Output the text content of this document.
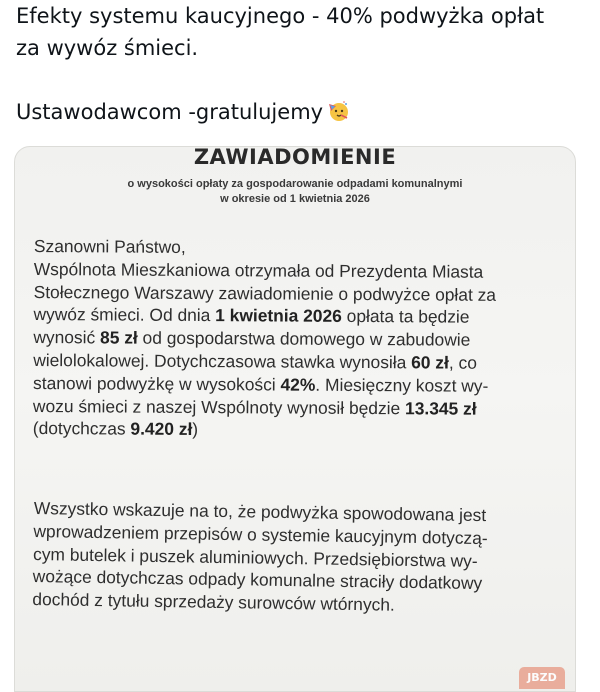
Efekty systemu kaucyjnego - 40% podwyżka opłat
za wywóz śmieci.
Ustawodawcom -gratulujemy
ZAWIADOMIENIE
o wysokości opłaty za gospodarowanie odpadami komunalnymi
w okresie od 1 kwietnia 2026
Szanowni Państwo,
Wspólnota Mieszkaniowa otrzymała od Prezydenta Miasta
Stołecznego Warszawy zawiadomienie o podwyżce opłat za
wywóz śmieci. Od dnia 1 kwietnia 2026 opłata ta będzie
wynosić 85 zł od gospodarstwa domowego w zabudowie
wielolokalowej. Dotychczasowa stawka wynosiła 60 zł, co
stanowi podwyżkę w wysokości 42%. Miesięczny koszt wy-
wozu śmieci z naszej Wspólnoty wynosił będzie 13.345 zł
(dotychczas 9.420 zł)
Wszystko wskazuje na to, że podwyżka spowodowana jest
wprowadzeniem przepisów o systemie kaucyjnym dotyczą-
cym butelek i puszek aluminiowych. Przedsiębiorstwa wy-
wożące dotychczas odpady komunalne straciły dodatkowy
dochód z tytułu sprzedaży surowców wtórnych.
JBZD
